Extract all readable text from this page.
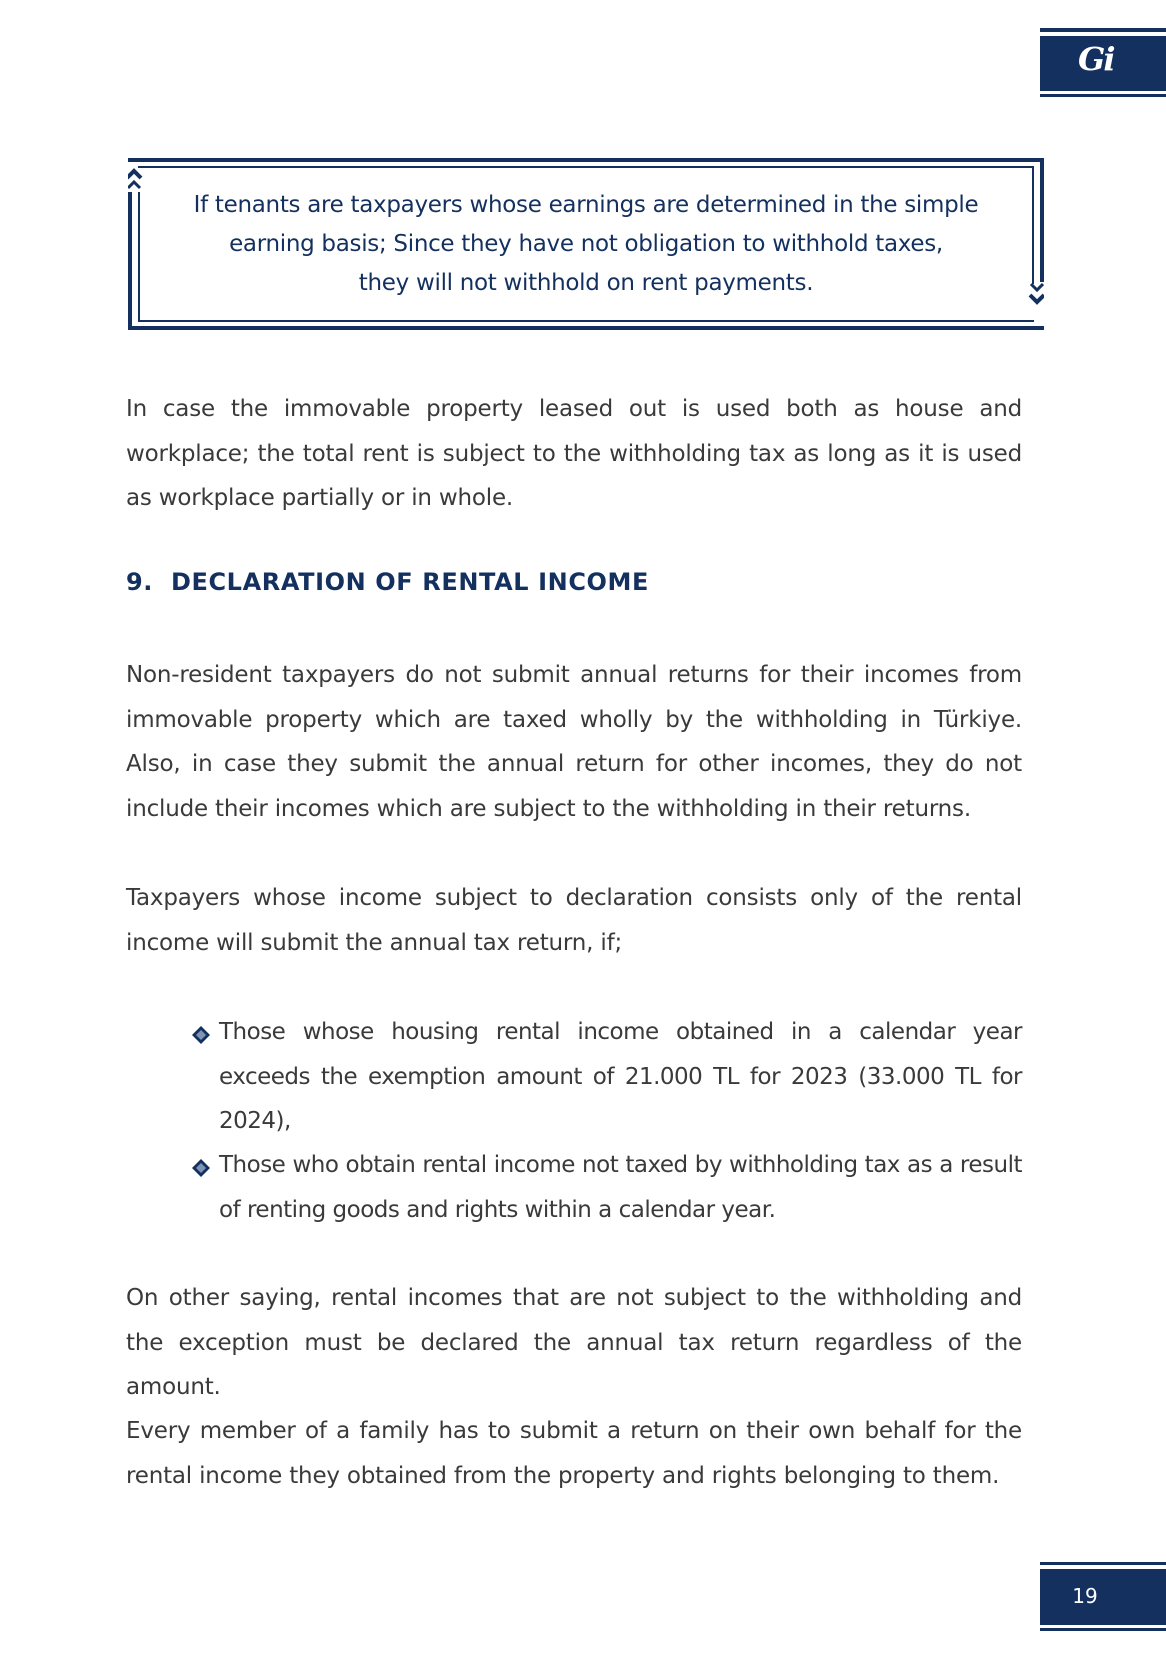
Gi
If tenants are taxpayers whose earnings are determined in the simple
earning basis; Since they have not obligation to withhold taxes,
they will not withhold on rent payments.
In case the immovable property leased out is used both as house and workplace; the total rent is subject to the withholding tax as long as it is used as workplace partially or in whole.
9. DECLARATION OF RENTAL INCOME
Non-resident taxpayers do not submit annual returns for their incomes from immovable property which are taxed wholly by the withholding in Türkiye. Also, in case they submit the annual return for other incomes, they do not include their incomes which are subject to the withholding in their returns.
Taxpayers whose income subject to declaration consists only of the rental income will submit the annual tax return, if;
Those whose housing rental income obtained in a calendar year exceeds the exemption amount of 21.000 TL for 2023 (33.000 TL for 2024),
Those who obtain rental income not taxed by withholding tax as a result of renting goods and rights within a calendar year.
On other saying, rental incomes that are not subject to the withholding and the exception must be declared the annual tax return regardless of the amount.
Every member of a family has to submit a return on their own behalf for the rental income they obtained from the property and rights belonging to them.
19
